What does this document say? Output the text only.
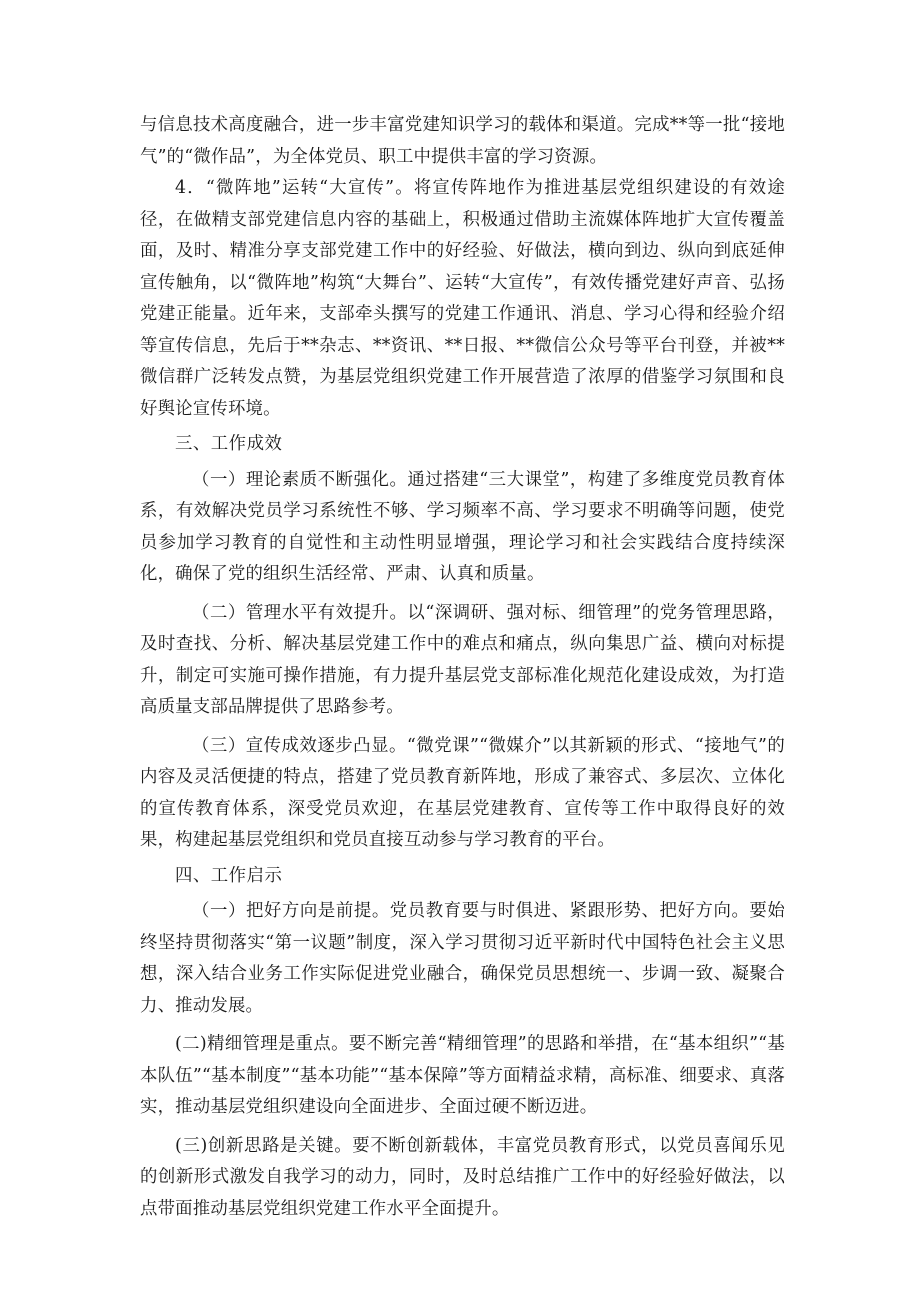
与信息技术高度融合，进一步丰富党建知识学习的载体和渠道。完成**等一批“接地气”的“微作品”，为全体党员、职工中提供丰富的学习资源。

4．“微阵地”运转“大宣传”。将宣传阵地作为推进基层党组织建设的有效途径，在做精支部党建信息内容的基础上，积极通过借助主流媒体阵地扩大宣传覆盖面，及时、精准分享支部党建工作中的好经验、好做法，横向到边、纵向到底延伸宣传触角，以“微阵地”构筑“大舞台”、运转“大宣传”，有效传播党建好声音、弘扬党建正能量。近年来，支部牵头撰写的党建工作通讯、消息、学习心得和经验介绍等宣传信息，先后于**杂志、**资讯、**日报、**微信公众号等平台刊登，并被**微信群广泛转发点赞，为基层党组织党建工作开展营造了浓厚的借鉴学习氛围和良好舆论宣传环境。

三、工作成效

（一）理论素质不断强化。通过搭建“三大课堂”，构建了多维度党员教育体系，有效解决党员学习系统性不够、学习频率不高、学习要求不明确等问题，使党员参加学习教育的自觉性和主动性明显增强，理论学习和社会实践结合度持续深化，确保了党的组织生活经常、严肃、认真和质量。

（二）管理水平有效提升。以“深调研、强对标、细管理”的党务管理思路，及时查找、分析、解决基层党建工作中的难点和痛点，纵向集思广益、横向对标提升，制定可实施可操作措施，有力提升基层党支部标准化规范化建设成效，为打造高质量支部品牌提供了思路参考。

（三）宣传成效逐步凸显。“微党课”“微媒介”以其新颖的形式、“接地气”的内容及灵活便捷的特点，搭建了党员教育新阵地，形成了兼容式、多层次、立体化的宣传教育体系，深受党员欢迎，在基层党建教育、宣传等工作中取得良好的效果，构建起基层党组织和党员直接互动参与学习教育的平台。

四、工作启示

（一）把好方向是前提。党员教育要与时俱进、紧跟形势、把好方向。要始终坚持贯彻落实“第一议题”制度，深入学习贯彻习近平新时代中国特色社会主义思想，深入结合业务工作实际促进党业融合，确保党员思想统一、步调一致、凝聚合力、推动发展。

(二)精细管理是重点。要不断完善“精细管理”的思路和举措，在“基本组织”“基本队伍”“基本制度”“基本功能”“基本保障”等方面精益求精，高标准、细要求、真落实，推动基层党组织建设向全面进步、全面过硬不断迈进。

(三)创新思路是关键。要不断创新载体，丰富党员教育形式，以党员喜闻乐见的创新形式激发自我学习的动力，同时，及时总结推广工作中的好经验好做法，以点带面推动基层党组织党建工作水平全面提升。
